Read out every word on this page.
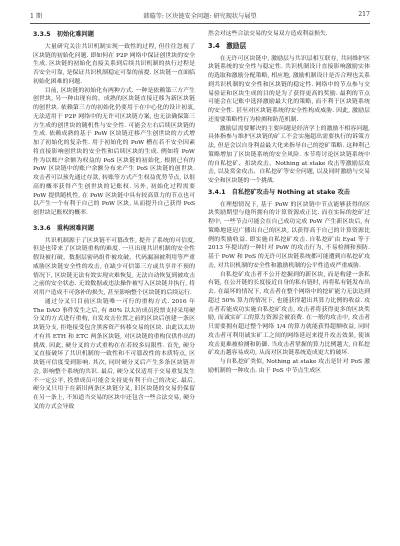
1 期	韩璇等: 区块链安全问题: 研究现状与展望	217
3.3.5　初始化难问题

大量研究关注共识机制实现一致性的过程, 但往往忽视了区块链的初始化问题. 即如何在 P2P 网络中保证创世块的安全生成. 区块链的初始化直接关系到后续共识机制的执行过程是否安全可靠, 是保证共识机制稳定可靠的前提. 区块链一直面临初始化困难的问题.

目前, 区块链的初始化有两种方式. 一种是依赖第三方产生创世块, 另一种由现有的、成熟的区块链直接迁移为新区块链的创世块. 依赖第三方的初始化仍要用于在中心化的设计初衷, 无法适用于 P2P 网络中的无许可区块链方案, 也无法确保第三方生成的创世块的随机性与安全性. 可能会左右后续区块链的生成. 依赖成熟的基于 PoW 区块链迁移产生创世块的方式增加了初始化的复杂性. 用于初始化的 PoW 槽在若不安全因素将直接影响创世块的安全性和后续区块的生成. 例如将 PoW 作为以账户余额为权益的 PoS 区块链的初始化, 根据已有的 PoW 区块链中的账户余额分布来产生 PoS 区块链的创世块. 攻击者可以预先通过存款, 转账等方式产生权益优势节点, 以很高的概率获得产生创世块的记账权. 另外, 初始化过程需要 PoW 提供随机性, 在 PoW 区块链中具有较高算力的节点也可以产生一个有利于自己的 PoW 区块, 从而提升自己获得 PoS 创世块记账权的概率.

3.3.6　重构困难问题

共识机制源于了区块链不可篡改性, 提升了系统的可信度, 但是也带来了区块链重构的难度. 一旦出现共识机制的安全性假设被打破、数据层密码组件被攻破、代码漏洞被利用等严重威胁区块链安全性的攻击, 在缺少可信第三方或共享并不预的情况下, 区块链无法有效实现灾难恢复, 无法自动恢复到被攻击之前的安全状态. 无效数据或违法操作被写入区块链并执行, 将对用户造成不可弥补的损失, 甚至影响整个区块链的后续运行.

通过分叉只目前区块链唯一可行的重构方式. 2016 年 The DAO 事件发生之后, 有 80% 以太坊成员投票支持采用硬分叉的方式进行重构, 自发攻击位置之前的区块后创建一条区块链分支, 拒绝接受包含黑客资产转移交易的区块. 由此以太坊才有其 ETH 和 ETC 两条区块链, 对区块链的重构仅供作出的挑战. 因此, 硬分叉的方式重构在在若较多局限性. 首先, 硬分叉直接破坏了共识机制的一致性和不可篡改性的本质特点, 区块链可信度受到影响. 其次, 同时硬分叉后产生多条区块链并会, 影响整个系统的共识. 最后, 硬分叉仅适用于交易重复发生不一定公平, 投票成员可能会支持更有利于自己的决定. 最后, 硬分叉只用于在新旧两条区块链分叉, 旧区块链的交易仍保留在另一条上, 不知道当交易的区块中还包含一些合法交易, 硬分叉的方式会导致

然会对这些合法交易的交易双方造成利益损失.

3.4　激励层

在无许可区块链中, 激励层与共识层相互联存, 共同维护区块链系统的安全性与稳定性. 共识机制设计直接影响激励实体的选取和激励分配策略, 相应地, 激励机制设计是否合理也关系到共识机制的安全性和区块链的稳定性. 网络中的节点参与交易验证和区块生成的目的是为了获得更高的奖励. 最利的节点可能会在记账中选择激励最大化的策略, 而不利于区块链系统的安全性. 甚至对区块链系统的安全性构成威胁. 因此, 激励层还需要策略性行为检测和防范机制.

激励层需要解决的主要问题是经济学上的激励不相容问题, 具体指参与维护区块链的矿工不会实施超出需要执行的诉策方法, 但是会以自身利益最大化来指导自己的挖矿策略. 这种利己策略增加了区块链系统的安全风险. 本节将讨论区块链系统中的自私挖矿、扣块攻击、Nothing at stake 攻击等激励层攻击, 以及赏金攻击、自私挖矿等安全问题, 以及同时激励与交易安全和区块链的一个挑战.

3.4.1　自私挖矿攻击与 Nothing at stake 攻击

在理想情况下, 基于 PoW 的区块链中节点能够获得的区块奖励期望与他所拥有的计算资源成正比. 而在实际的挖矿过程中, 一些节点可能会在自己成功完成 PoW 产生新区块后, 有策略地延迟广播出自己的区块, 以获得高于自己的计算资源比例的奖励收益. 即实施自私挖矿攻击. 自私挖矿由 Eyal 等于 2013 年提出的一种针对 PoW 的攻击行为, 不易检测和预防. 基于 PoW 和 PoS 的无许可区块链系统都可能遭到自私挖矿攻击, 对共识机制的安全性和激励机制的公平性造成严重威胁.

自私挖矿攻击者不公开挖掘到的新区块, 而是构建一条私有链, 在公开链的长度接近自身的私有链时, 再将私有链发布出去. 在最坏的情况下, 攻击者在整个网络中的挖矿能力无法达到超过 50% 算力的情况下, 也能获得超出其算力比例的收益. 攻击者若能成功实施自私挖矿攻击, 攻击者将获得更多的区块奖励, 而诚实矿工的算力资源会被浪费. 在一般的攻击中, 攻击者只需要拥有超过整个网络 1/4 的算力就能获得超额收益, 同时攻击者可利用诚实矿工之间的网络延迟来提升攻击效果, 使该攻击更难被检测和防御. 当攻击者掌握的算力比例越大, 自私挖矿攻击越容易成功, 从而对区块链系统造成更大的破坏.

与自私挖矿类似, Nothing at stake 攻击是针对 PoS 激励机制的一种攻击. 由于 PoS 中节点生成区
